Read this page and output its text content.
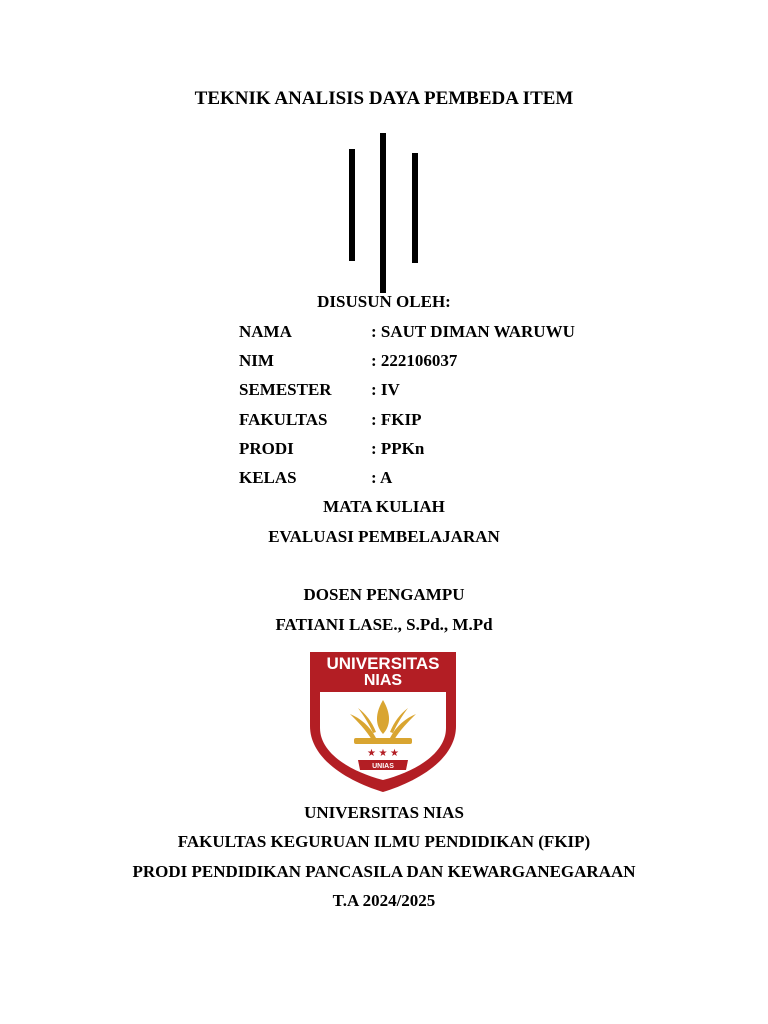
TEKNIK ANALISIS DAYA PEMBEDA ITEM
DISUSUN OLEH:
NAMA	: SAUT DIMAN WARUWU
NIM	: 222106037
SEMESTER	: IV
FAKULTAS	: FKIP
PRODI	: PPKn
KELAS	: A
MATA KULIAH
EVALUASI PEMBELAJARAN
DOSEN PENGAMPU
FATIANI LASE., S.Pd., M.Pd
UNIVERSITAS
NIAS
★ ★ ★
UNIAS
UNIVERSITAS NIAS
FAKULTAS KEGURUAN ILMU PENDIDIKAN (FKIP)
PRODI PENDIDIKAN PANCASILA DAN KEWARGANEGARAAN
T.A 2024/2025
